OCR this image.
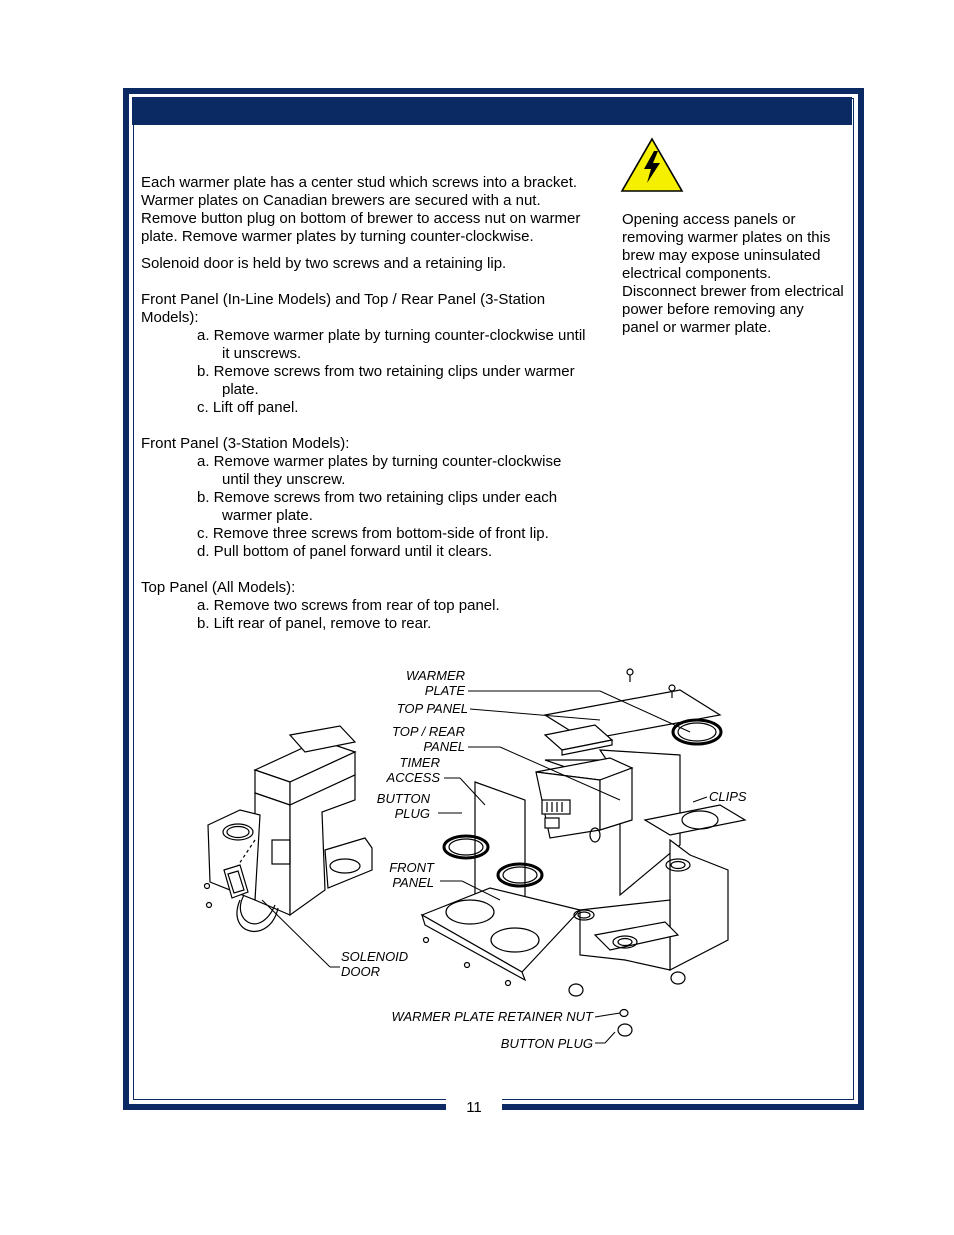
11
Opening access panels or removing warmer plates on this brew may expose uninsulated electrical components. Disconnect brewer from electrical power before removing any panel or warmer plate.

Each warmer plate has a center stud which screws into a bracket. Warmer plates on Canadian brewers are secured with a nut. Remove button plug on bottom of brewer to access nut on warmer plate. Remove warmer plates by turning counter-clockwise.

Solenoid door is held by two screws and a retaining lip.

Front Panel (In-Line Models) and Top / Rear Panel (3-Station Models):

a. Remove warmer plate by turning counter-clockwise until it unscrews.
b. Remove screws from two retaining clips under warmer plate.
c. Lift off panel.

Front Panel (3-Station Models):

a. Remove warmer plates by turning counter-clockwise until they unscrew.
b. Remove screws from two retaining clips under each warmer plate.
c. Remove three screws from bottom-side of front lip.
d. Pull bottom of panel forward until it clears.

Top Panel (All Models):

a. Remove two screws from rear of top panel.
b. Lift rear of panel, remove to rear.
WARMER
PLATE
TOP PANEL
TOP / REAR
PANEL
TIMER
ACCESS
BUTTON
PLUG
FRONT
PANEL
CLIPS
SOLENOID
DOOR
WARMER PLATE RETAINER NUT
BUTTON PLUG
